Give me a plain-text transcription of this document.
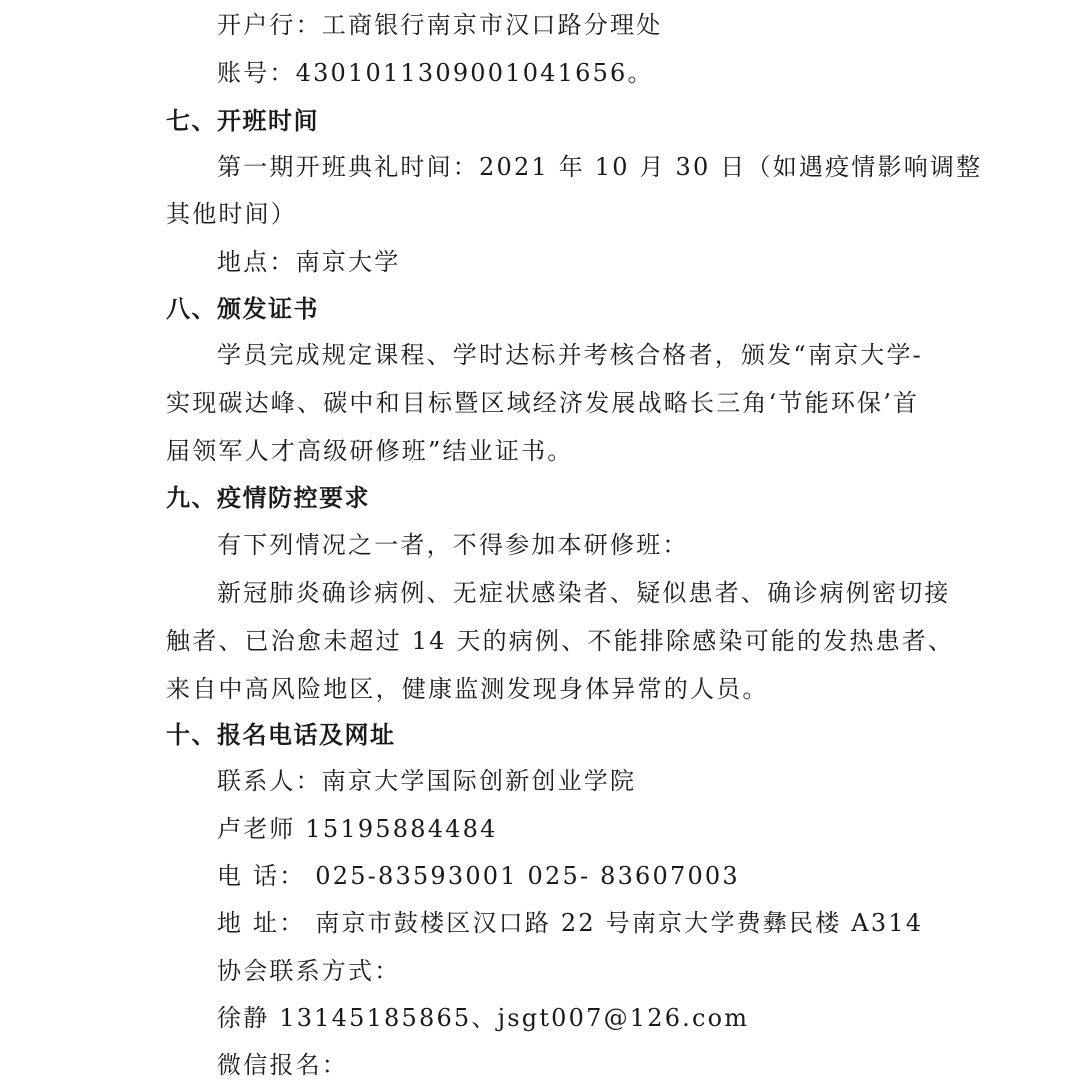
开户行：工商银行南京市汉口路分理处
账号：4301011309001041656。
七、开班时间
第一期开班典礼时间：2021 年 10 月 30 日（如遇疫情影响调整
其他时间）
地点：南京大学
八、颁发证书
学员完成规定课程、学时达标并考核合格者，颁发“南京大学-
实现碳达峰、碳中和目标暨区域经济发展战略长三角‘节能环保’首
届领军人才高级研修班”结业证书。
九、疫情防控要求
有下列情况之一者，不得参加本研修班：
新冠肺炎确诊病例、无症状感染者、疑似患者、确诊病例密切接
触者、已治愈未超过 14 天的病例、不能排除感染可能的发热患者、
来自中高风险地区，健康监测发现身体异常的人员。
十、报名电话及网址
联系人：南京大学国际创新创业学院
卢老师 15195884484
电 话： 025-83593001 025- 83607003
地 址： 南京市鼓楼区汉口路 22 号南京大学费彝民楼 A314
协会联系方式：
徐静 13145185865、jsgt007@126.com
微信报名：
